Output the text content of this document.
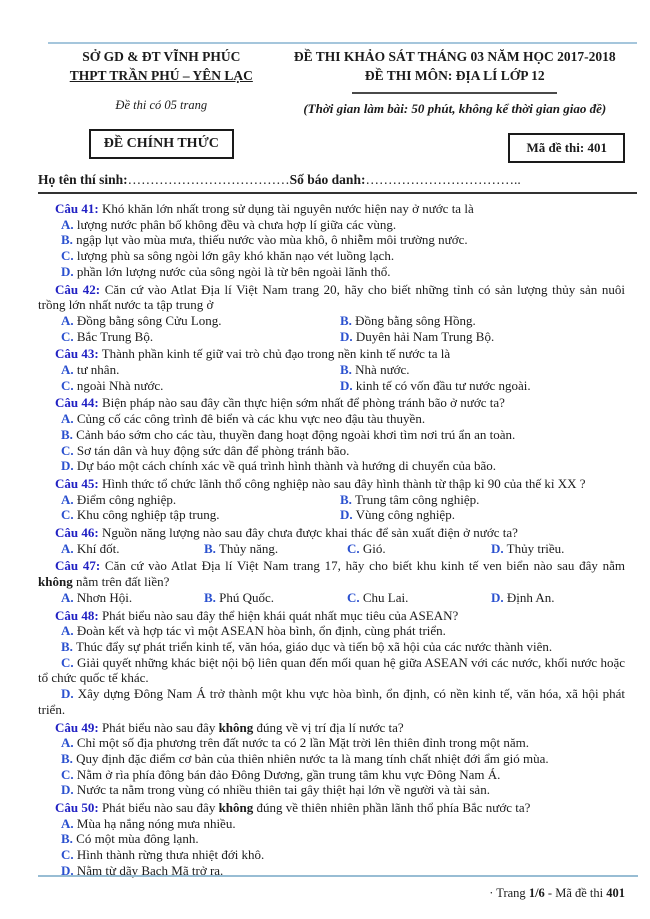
SỞ GD & ĐT VĨNH PHÚC
THPT TRẦN PHÚ – YÊN LẠC
Đề thi có 05 trang
ĐỀ CHÍNH THỨC
ĐỀ THI KHẢO SÁT THÁNG 03 NĂM HỌC 2017-2018
ĐỀ THI MÔN: ĐỊA LÍ LỚP 12
(Thời gian làm bài: 50 phút, không kể thời gian giao đề)
Mã đề thi: 401
Họ tên thí sinh:………………………………Số báo danh:……………………………..

Câu 41: Khó khăn lớn nhất trong sử dụng tài nguyên nước hiện nay ở nước ta là

A. lượng nước phân bố không đều và chưa hợp lí giữa các vùng.

B. ngập lụt vào mùa mưa, thiếu nước vào mùa khô, ô nhiễm môi trường nước.

C. lượng phù sa sông ngòi lớn gây khó khăn nạo vét luồng lạch.

D. phần lớn lượng nước của sông ngòi là từ bên ngoài lãnh thổ.

Câu 42: Căn cứ vào Atlat Địa lí Việt Nam trang 20, hãy cho biết những tỉnh có sản lượng thủy sản nuôi trồng lớn nhất nước ta tập trung ở

A. Đồng bằng sông Cửu Long.	B. Đồng bằng sông Hồng.

C. Bắc Trung Bộ.	D. Duyên hải Nam Trung Bộ.

Câu 43: Thành phần kinh tế giữ vai trò chủ đạo trong nền kinh tế nước ta là

A. tư nhân.	B. Nhà nước.

C. ngoài Nhà nước.	D. kinh tế có vốn đầu tư nước ngoài.

Câu 44: Biện pháp nào sau đây cần thực hiện sớm nhất để phòng tránh bão ở nước ta?

A. Củng cố các công trình đê biển và các khu vực neo đậu tàu thuyền.

B. Cảnh báo sớm cho các tàu, thuyền đang hoạt động ngoài khơi tìm nơi trú ẩn an toàn.

C. Sơ tán dân và huy động sức dân để phòng tránh bão.

D. Dự báo một cách chính xác về quá trình hình thành và hướng di chuyển của bão.

Câu 45: Hình thức tổ chức lãnh thổ công nghiệp nào sau đây hình thành từ thập kỉ 90 của thế kỉ XX ?

A. Điểm công nghiệp.	B. Trung tâm công nghiệp.

C. Khu công nghiệp tập trung.	D. Vùng công nghiệp.

Câu 46: Nguồn năng lượng nào sau đây chưa được khai thác để sản xuất điện ở nước ta?

A. Khí đốt.	B. Thủy năng.	C. Gió.	D. Thủy triều.

Câu 47: Căn cứ vào Atlat Địa lí Việt Nam trang 17, hãy cho biết khu kinh tế ven biển nào sau đây nằm không nằm trên đất liền?

A. Nhơn Hội.	B. Phú Quốc.	C. Chu Lai.	D. Định An.

Câu 48: Phát biểu nào sau đây thể hiện khái quát nhất mục tiêu của ASEAN?

A. Đoàn kết và hợp tác vì một ASEAN hòa bình, ổn định, cùng phát triển.

B. Thúc đẩy sự phát triển kinh tế, văn hóa, giáo dục và tiến bộ xã hội của các nước thành viên.

C. Giải quyết những khác biệt nội bộ liên quan đến mối quan hệ giữa ASEAN với các nước, khối nước hoặc tổ chức quốc tế khác.

D. Xây dựng Đông Nam Á trở thành một khu vực hòa bình, ổn định, có nền kinh tế, văn hóa, xã hội phát triển.

Câu 49: Phát biểu nào sau đây không đúng về vị trí địa lí nước ta?

A. Chỉ một số địa phương trên đất nước ta có 2 lần Mặt trời lên thiên đỉnh trong một năm.

B. Quy định đặc điểm cơ bản của thiên nhiên nước ta là mang tính chất nhiệt đới ẩm gió mùa.

C. Nằm ở rìa phía đông bán đảo Đông Dương, gần trung tâm khu vực Đông Nam Á.

D. Nước ta nằm trong vùng có nhiều thiên tai gây thiệt hại lớn về người và tài sản.

Câu 50: Phát biểu nào sau đây không đúng về thiên nhiên phần lãnh thổ phía Bắc nước ta?

A. Mùa hạ nắng nóng mưa nhiều.

B. Có một mùa đông lạnh.

C. Hình thành rừng thưa nhiệt đới khô.

D. Nằm từ dãy Bạch Mã trở ra.

· Trang 1/6 - Mã đề thi 401
